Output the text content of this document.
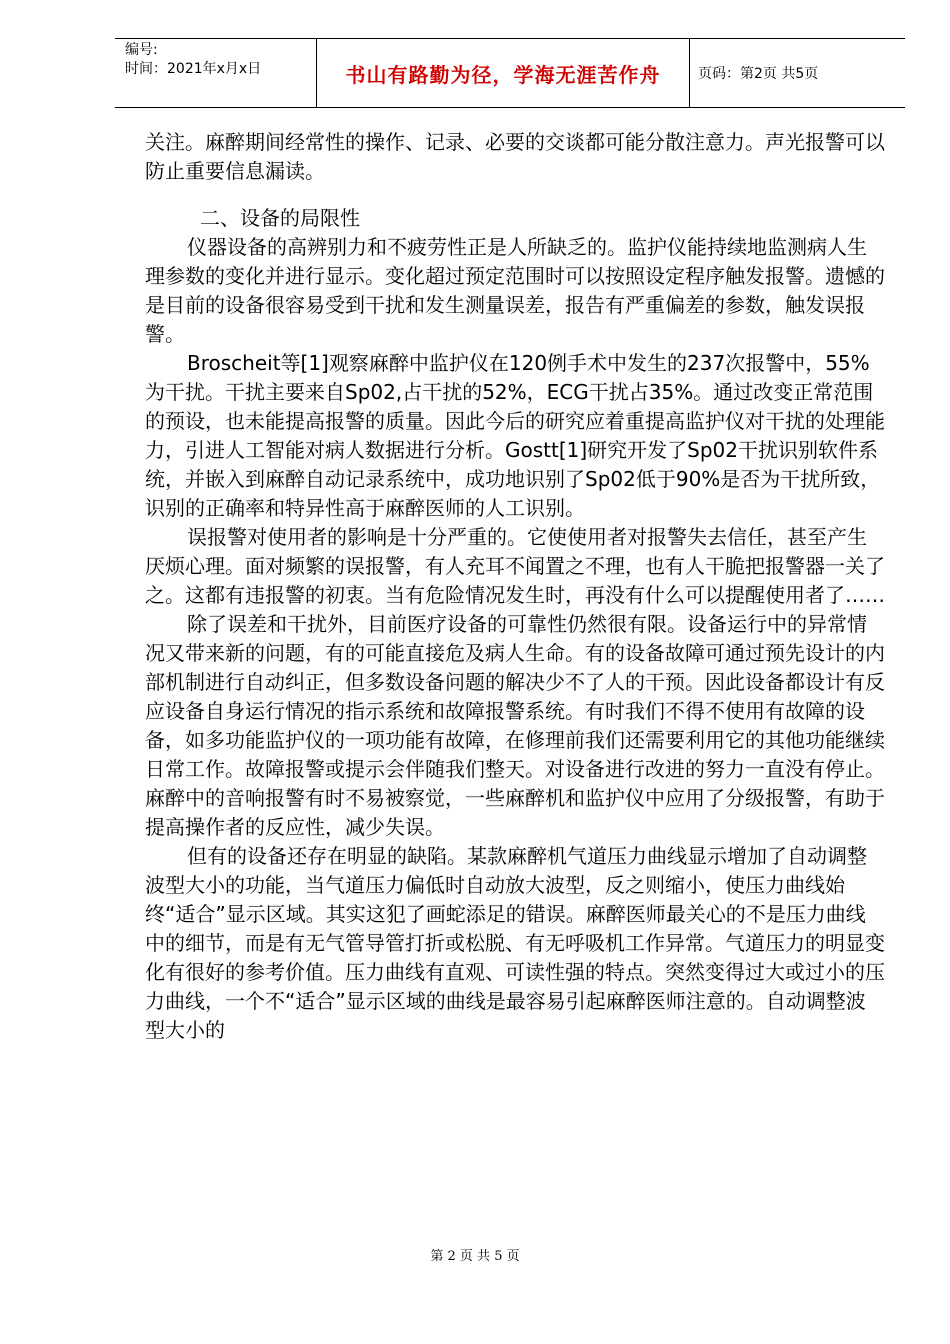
编号:
时间：2021年x月x日	书山有路勤为径，学海无涯苦作舟	页码：第2页 共5页

关注。麻醉期间经常性的操作、记录、必要的交谈都可能分散注意力。声光报警可以防止重要信息漏读。

二、设备的局限性

仪器设备的高辨别力和不疲劳性正是人所缺乏的。监护仪能持续地监测病人生理参数的变化并进行显示。变化超过预定范围时可以按照设定程序触发报警。遗憾的是目前的设备很容易受到干扰和发生测量误差，报告有严重偏差的参数，触发误报警。

Broscheit等[1]观察麻醉中监护仪在120例手术中发生的237次报警中，55%为干扰。干扰主要来自Sp02,占干扰的52%，ECG干扰占35%。通过改变正常范围的预设，也未能提高报警的质量。因此今后的研究应着重提高监护仪对干扰的处理能力，引进人工智能对病人数据进行分析。Gostt[1]研究开发了Sp02干扰识别软件系统，并嵌入到麻醉自动记录系统中，成功地识别了Sp02低于90%是否为干扰所致，识别的正确率和特异性高于麻醉医师的人工识别。

误报警对使用者的影响是十分严重的。它使使用者对报警失去信任，甚至产生厌烦心理。面对频繁的误报警，有人充耳不闻置之不理，也有人干脆把报警器一关了之。这都有违报警的初衷。当有危险情况发生时，再没有什么可以提醒使用者了……

除了误差和干扰外，目前医疗设备的可靠性仍然很有限。设备运行中的异常情况又带来新的问题，有的可能直接危及病人生命。有的设备故障可通过预先设计的内部机制进行自动纠正，但多数设备问题的解决少不了人的干预。因此设备都设计有反应设备自身运行情况的指示系统和故障报警系统。有时我们不得不使用有故障的设备，如多功能监护仪的一项功能有故障，在修理前我们还需要利用它的其他功能继续日常工作。故障报警或提示会伴随我们整天。对设备进行改进的努力一直没有停止。麻醉中的音响报警有时不易被察觉，一些麻醉机和监护仪中应用了分级报警，有助于提高操作者的反应性，减少失误。

但有的设备还存在明显的缺陷。某款麻醉机气道压力曲线显示增加了自动调整波型大小的功能，当气道压力偏低时自动放大波型，反之则缩小，使压力曲线始终“适合”显示区域。其实这犯了画蛇添足的错误。麻醉医师最关心的不是压力曲线中的细节，而是有无气管导管打折或松脱、有无呼吸机工作异常。气道压力的明显变化有很好的参考价值。压力曲线有直观、可读性强的特点。突然变得过大或过小的压力曲线，一个不“适合”显示区域的曲线是最容易引起麻醉医师注意的。自动调整波型大小的

第 2 页 共 5 页
